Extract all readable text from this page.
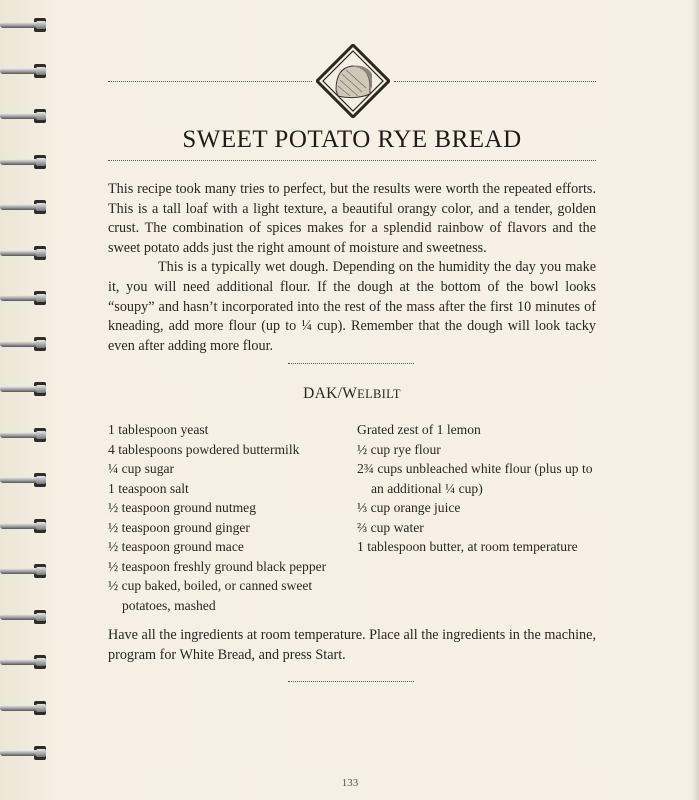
SWEET POTATO RYE BREAD

This recipe took many tries to perfect, but the results were worth the repeated efforts. This is a tall loaf with a light texture, a beautiful orangy color, and a tender, golden crust. The combination of spices makes for a splendid rainbow of flavors and the sweet potato adds just the right amount of moisture and sweetness.

This is a typically wet dough. Depending on the humidity the day you make it, you will need additional flour. If the dough at the bottom of the bowl looks “soupy” and hasn’t incorporated into the rest of the mass after the first 10 minutes of kneading, add more flour (up to ¼ cup). Remember that the dough will look tacky even after adding more flour.

DAK/WELBILT
1 tablespoon yeast
4 tablespoons powdered buttermilk
¼ cup sugar
1 teaspoon salt
½ teaspoon ground nutmeg
½ teaspoon ground ginger
½ teaspoon ground mace
½ teaspoon freshly ground black pepper
½ cup baked, boiled, or canned sweet potatoes, mashed
Grated zest of 1 lemon
½ cup rye flour
2¾ cups unbleached white flour (plus up to an additional ¼ cup)
⅓ cup orange juice
⅔ cup water
1 tablespoon butter, at room temperature
Have all the ingredients at room temperature. Place all the ingredients in the machine, program for White Bread, and press Start.
133
